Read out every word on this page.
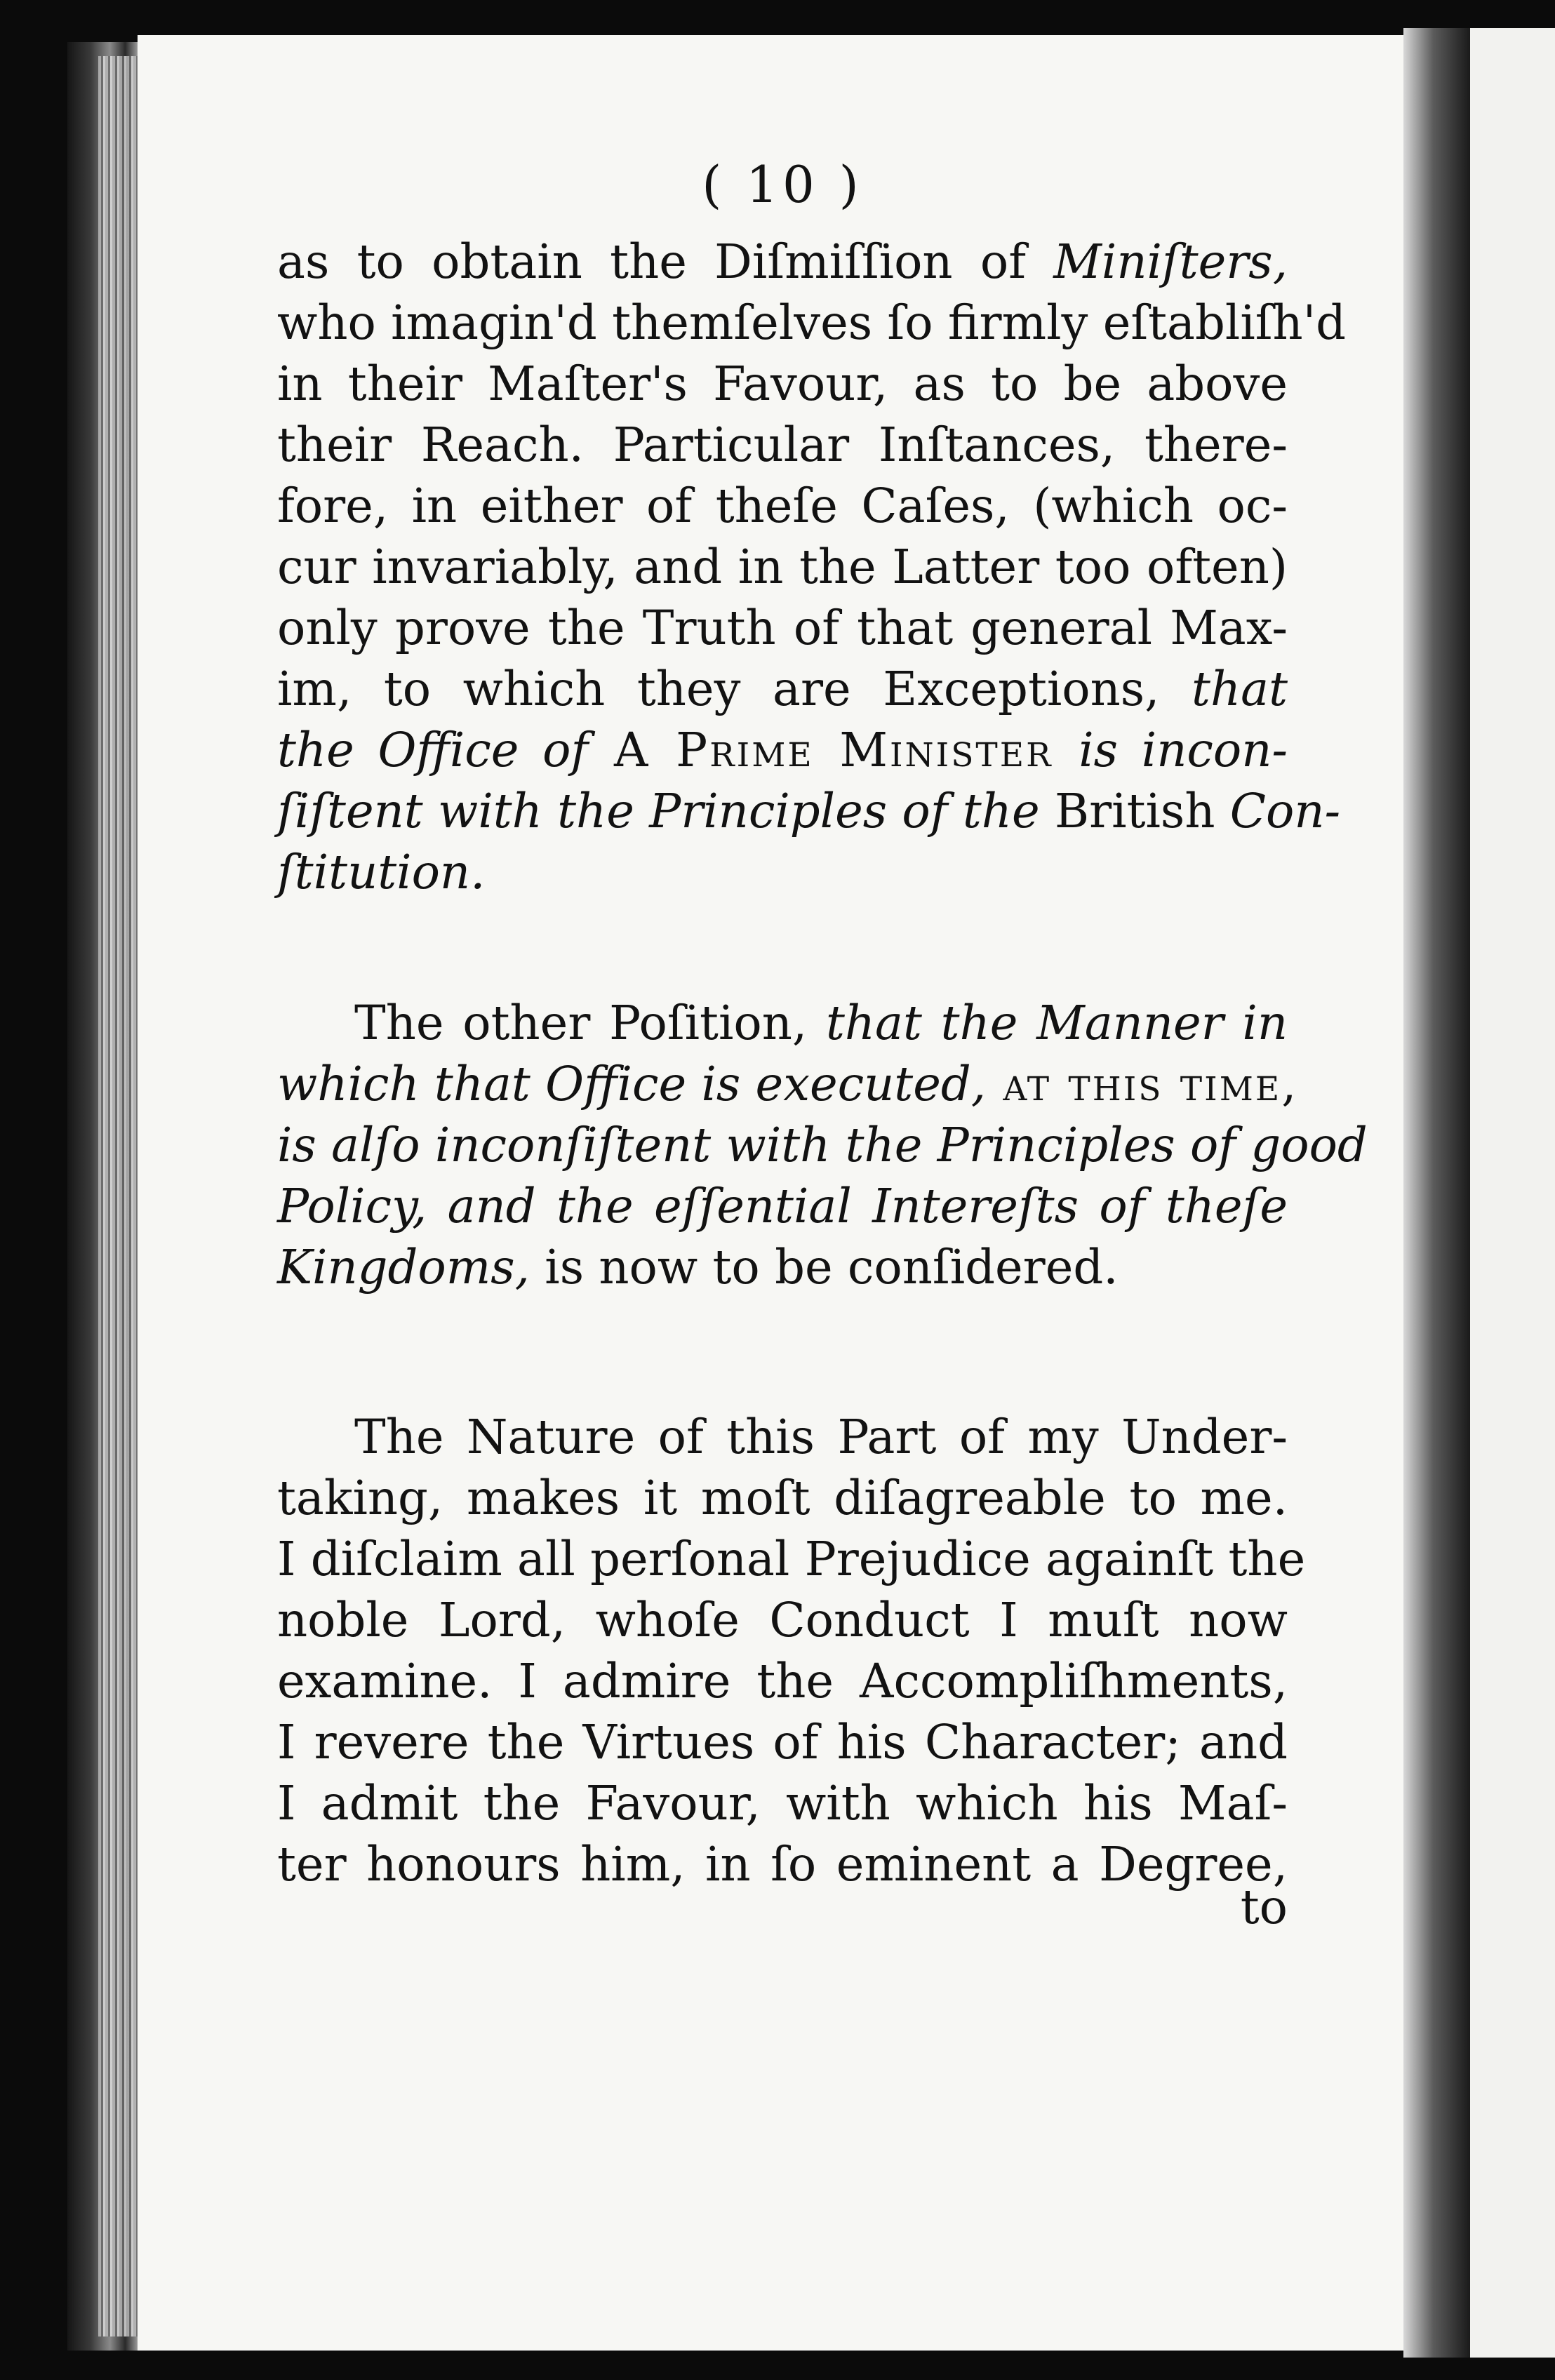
( 10 )
as to obtain the Diſmiſſion of Miniſters,
who imagin'd themſelves ſo firmly eſtabliſh'd
in their Maſter's Favour, as to be above
their Reach. Particular Inſtances, there-
fore, in either of theſe Caſes, (which oc-
cur invariably, and in the Latter too often)
only prove the Truth of that general Max-
im, to which they are Exceptions, that
the Office of A Prime Minister is incon-
ſiſtent with the Principles of the British Con-
ſtitution.
The other Poſition, that the Manner in
which that Office is executed, at this time,
is alſo inconſiſtent with the Principles of good
Policy, and the eſſential Intereſts of theſe
Kingdoms, is now to be conſidered.
The Nature of this Part of my Under-
taking, makes it moſt diſagreable to me.
I diſclaim all perſonal Prejudice againſt the
noble Lord, whoſe Conduct I muſt now
examine. I admire the Accompliſhments,
I revere the Virtues of his Character; and
I admit the Favour, with which his Maſ-
ter honours him, in ſo eminent a Degree,
to
